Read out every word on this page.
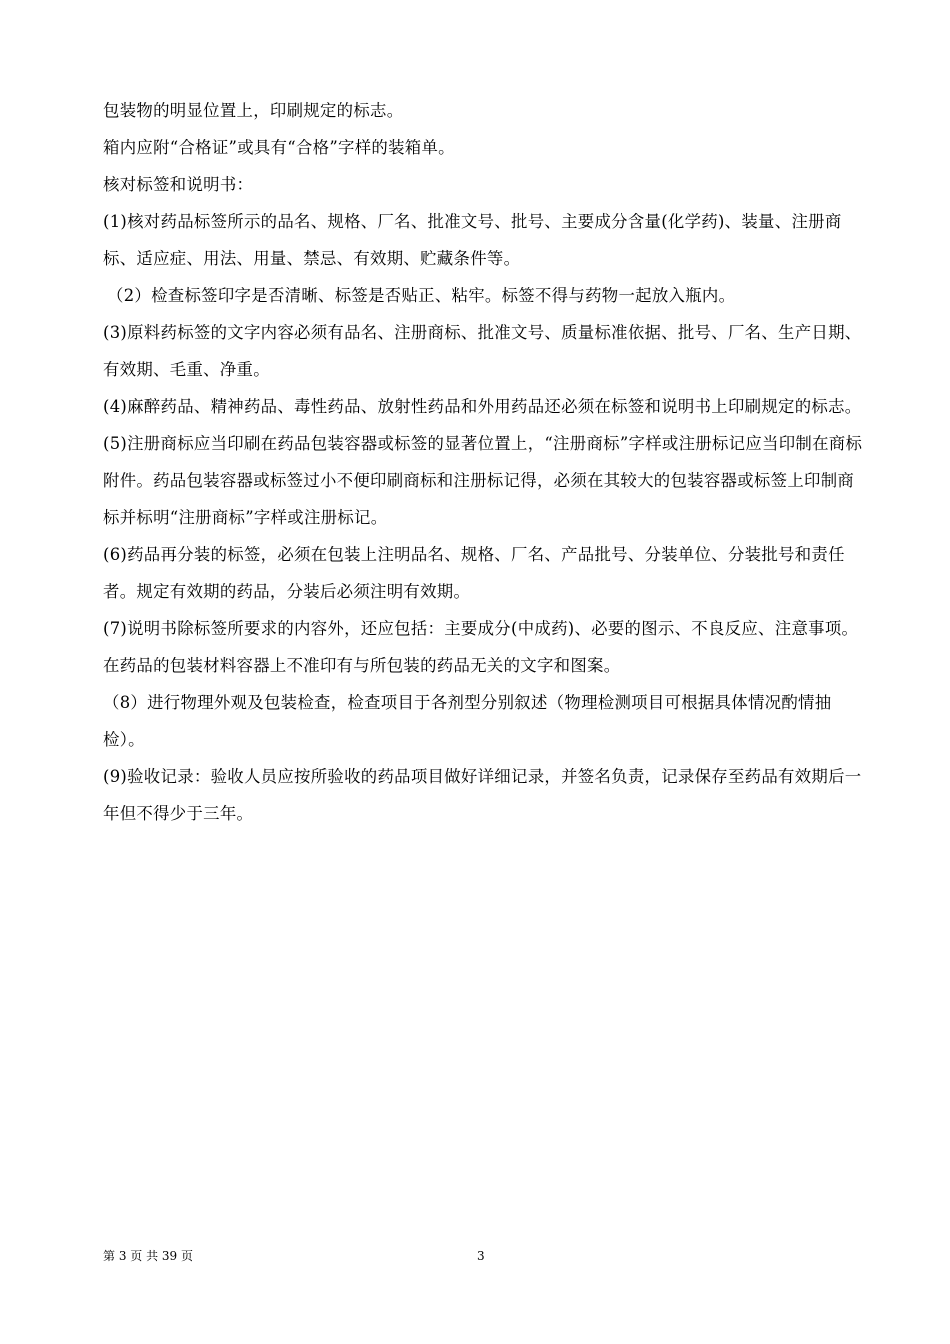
包装物的明显位置上，印刷规定的标志。

箱内应附“合格证”或具有“合格”字样的装箱单。

核对标签和说明书：

(1)核对药品标签所示的品名、规格、厂名、批准文号、批号、主要成分含量(化学药)、装量、注册商标、适应症、用法、用量、禁忌、有效期、贮藏条件等。

（2）检查标签印字是否清晰、标签是否贴正、粘牢。标签不得与药物一起放入瓶内。

(3)原料药标签的文字内容必须有品名、注册商标、批准文号、质量标准依据、批号、厂名、生产日期、有效期、毛重、净重。

(4)麻醉药品、精神药品、毒性药品、放射性药品和外用药品还必须在标签和说明书上印刷规定的标志。

(5)注册商标应当印刷在药品包装容器或标签的显著位置上，“注册商标”字样或注册标记应当印制在商标附件。药品包装容器或标签过小不便印刷商标和注册标记得，必须在其较大的包装容器或标签上印制商标并标明“注册商标”字样或注册标记。

(6)药品再分装的标签，必须在包装上注明品名、规格、厂名、产品批号、分装单位、分装批号和责任者。规定有效期的药品，分装后必须注明有效期。

(7)说明书除标签所要求的内容外，还应包括：主要成分(中成药)、必要的图示、不良反应、注意事项。在药品的包装材料容器上不准印有与所包装的药品无关的文字和图案。

（8）进行物理外观及包装检查，检查项目于各剂型分别叙述（物理检测项目可根据具体情况酌情抽检）。

(9)验收记录：验收人员应按所验收的药品项目做好详细记录，并签名负责，记录保存至药品有效期后一年但不得少于三年。

第 3 页 共 39 页	3
